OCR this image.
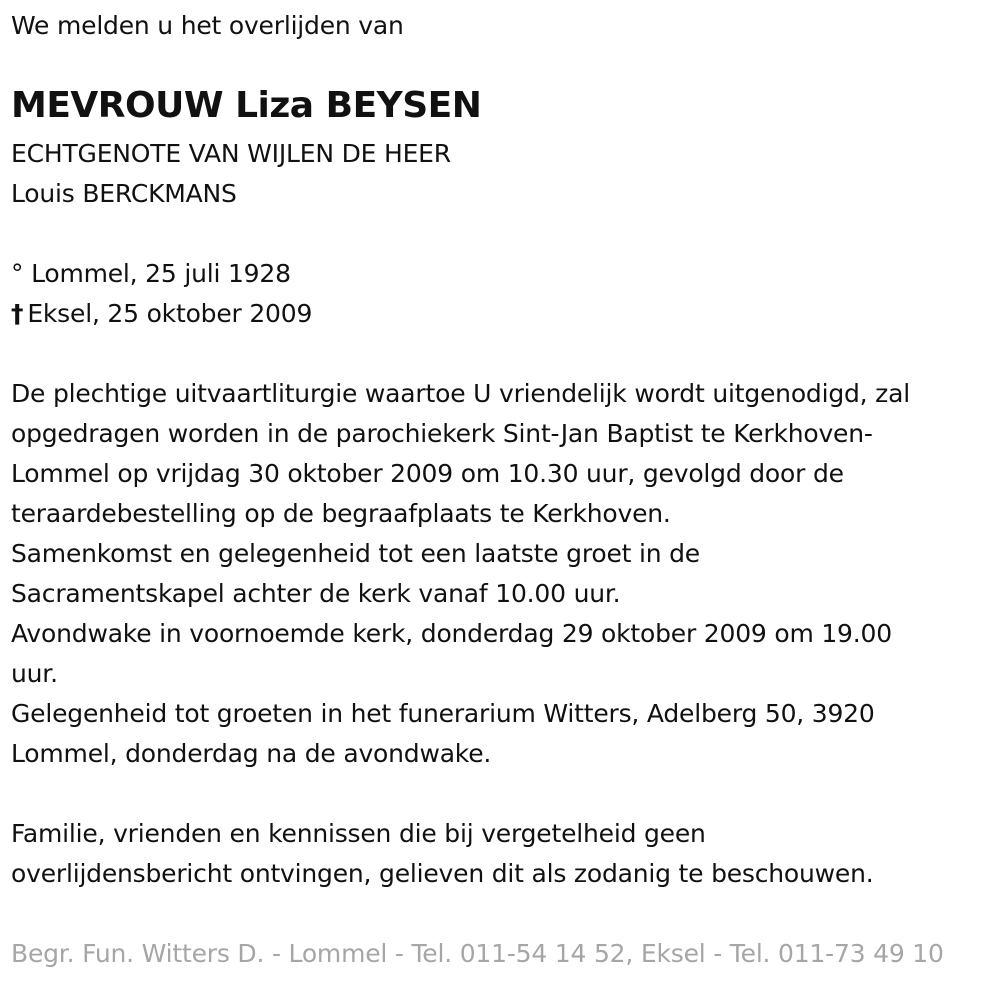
We melden u het overlijden van
MEVROUW Liza BEYSEN
ECHTGENOTE VAN WIJLEN DE HEER
Louis BERCKMANS
° Lommel, 25 juli 1928
† Eksel, 25 oktober 2009
De plechtige uitvaartliturgie waartoe U vriendelijk wordt uitgenodigd, zal
opgedragen worden in de parochiekerk Sint-Jan Baptist te Kerkhoven-
Lommel op vrijdag 30 oktober 2009 om 10.30 uur, gevolgd door de
teraardebestelling op de begraafplaats te Kerkhoven.
Samenkomst en gelegenheid tot een laatste groet in de
Sacramentskapel achter de kerk vanaf 10.00 uur.
Avondwake in voornoemde kerk, donderdag 29 oktober 2009 om 19.00
uur.
Gelegenheid tot groeten in het funerarium Witters, Adelberg 50, 3920
Lommel, donderdag na de avondwake.
Familie, vrienden en kennissen die bij vergetelheid geen
overlijdensbericht ontvingen, gelieven dit als zodanig te beschouwen.
Begr. Fun. Witters D. - Lommel - Tel. 011-54 14 52, Eksel - Tel. 011-73 49 10
